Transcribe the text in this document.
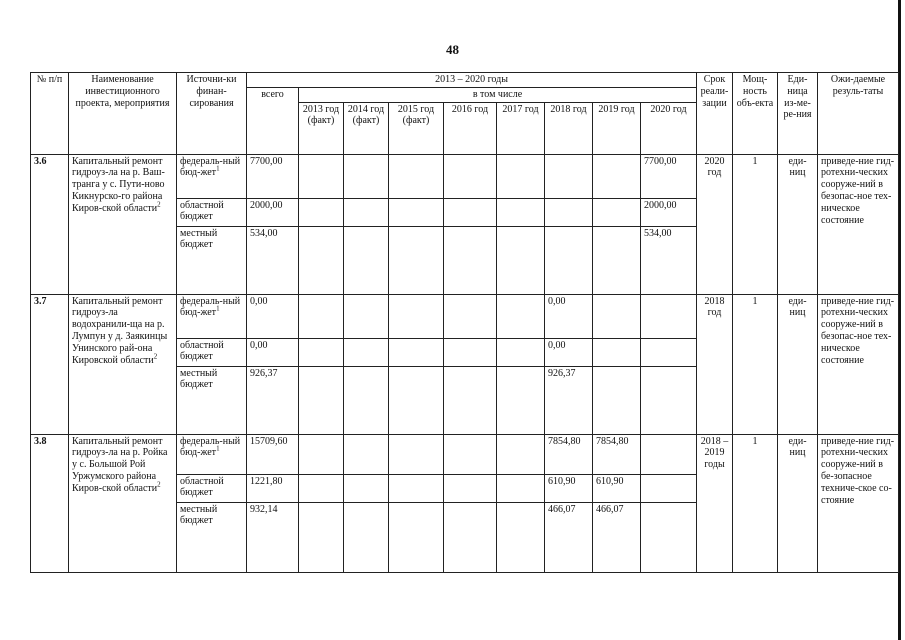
48
№ п/п	Наименование инвестиционного проекта, мероприятия	Источни-ки финан-сирования	2013 – 2020 годы									Срок реали-зации	Мощ-ность объ-екта	Еди-ница из-ме-ре-ния	Ожи-даемые резуль-таты
			всего	в том числе											
				2013 год (факт)	2014 год (факт)	2015 год (факт)	2016 год	2017 год	2018 год	2019 год	2020 год				
3.6	Капитальный ремонт гидроуз-ла на р. Ваш-транга у с. Пути-ново Кикнурско-го района Киров-ской области$^2$	федераль-ный бюд-жет$^1$	7700,00								7700,00	2020 год	1	еди-ниц	приведе-ние гид-ротехни-ческих сооруже-ний в безопас-ное тех-ническое состояние
		областной бюджет	2000,00								2000,00				
		местный бюджет	534,00								534,00				
3.7	Капитальный ремонт гидроуз-ла водохранили-ща на р. Лумпун у д. Заякинцы Унинского рай-она Кировской области$^2$	федераль-ный бюд-жет$^1$	0,00						0,00			2018 год	1	еди-ниц	приведе-ние гид-ротехни-ческих сооруже-ний в безопас-ное тех-ническое состояние
		областной бюджет	0,00						0,00						
		местный бюджет	926,37						926,37						
3.8	Капитальный ремонт гидроуз-ла на р. Ройка у с. Большой Рой Уржумского района Киров-ской области$^2$	федераль-ный бюд-жет$^1$	15709,60						7854,80	7854,80		2018 – 2019 годы	1	еди-ниц	приведе-ние гид-ротехни-ческих сооруже-ний в бе-зопасное техниче-ское со-стояние
		областной бюджет	1221,80						610,90	610,90					
		местный бюджет	932,14						466,07	466,07					
